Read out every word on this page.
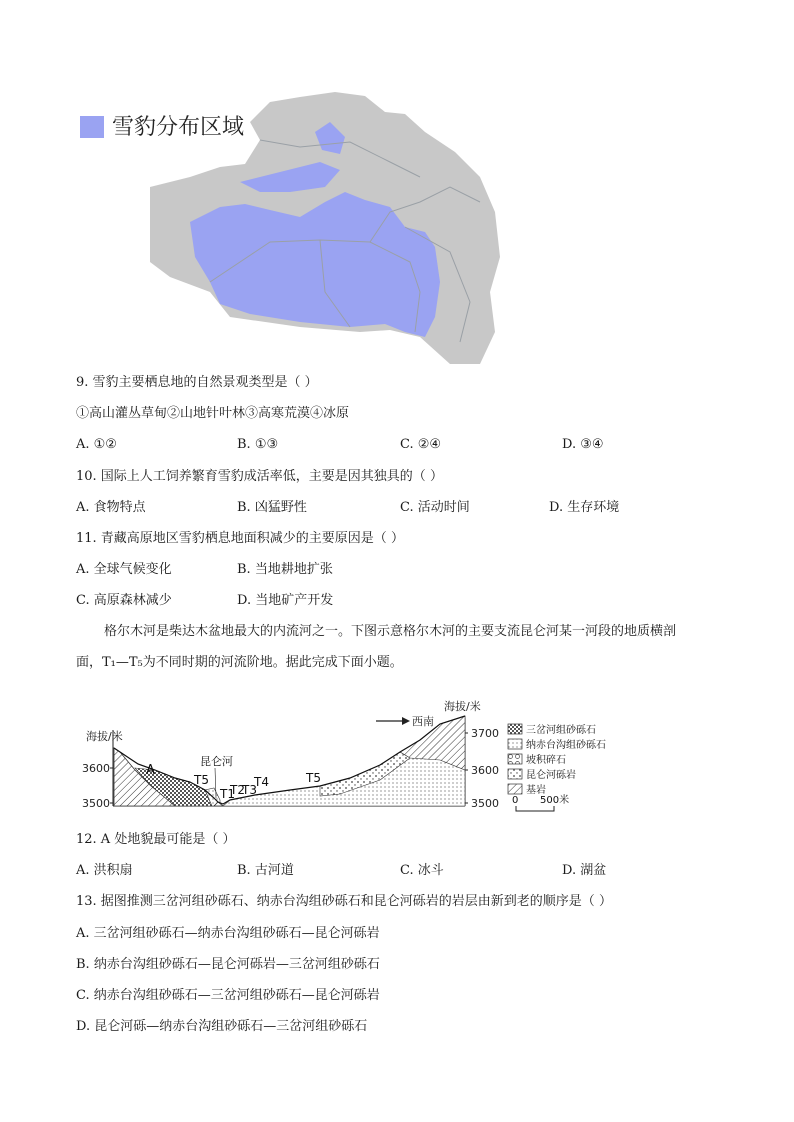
雪豹分布区域
9. 雪豹主要栖息地的自然景观类型是（ ）
①高山灌丛草甸②山地针叶林③高寒荒漠④冰原
A. ①②	B. ①③	C. ②④	D. ③④
10. 国际上人工饲养繁育雪豹成活率低，主要是因其独具的（ ）
A. 食物特点	B. 凶猛野性	C. 活动时间	D. 生存环境
11. 青藏高原地区雪豹栖息地面积减少的主要原因是（ ）
A. 全球气候变化	B. 当地耕地扩张
C. 高原森林减少	D. 当地矿产开发
格尔木河是柴达木盆地最大的内流河之一。下图示意格尔木河的主要支流昆仑河某一河段的地质横剖
面，T₁—T₅为不同时期的河流阶地。据此完成下面小题。
海拔/米
3600
3500
海拔/米
3700
3600
3500
西南
A
昆仑河
T5
T1
T2
T3
T4	T5
三岔河组砂砾石
纳赤台沟组砂砾石
坡积碎石
昆仑河砾岩
基岩
0 500米
12. A 处地貌最可能是（ ）
A. 洪积扇	B. 古河道	C. 冰斗	D. 湖盆
13. 据图推测三岔河组砂砾石、纳赤台沟组砂砾石和昆仑河砾岩的岩层由新到老的顺序是（ ）
A. 三岔河组砂砾石—纳赤台沟组砂砾石—昆仑河砾岩
B. 纳赤台沟组砂砾石—昆仑河砾岩—三岔河组砂砾石
C. 纳赤台沟组砂砾石—三岔河组砂砾石—昆仑河砾岩
D. 昆仑河砾—纳赤台沟组砂砾石—三岔河组砂砾石
